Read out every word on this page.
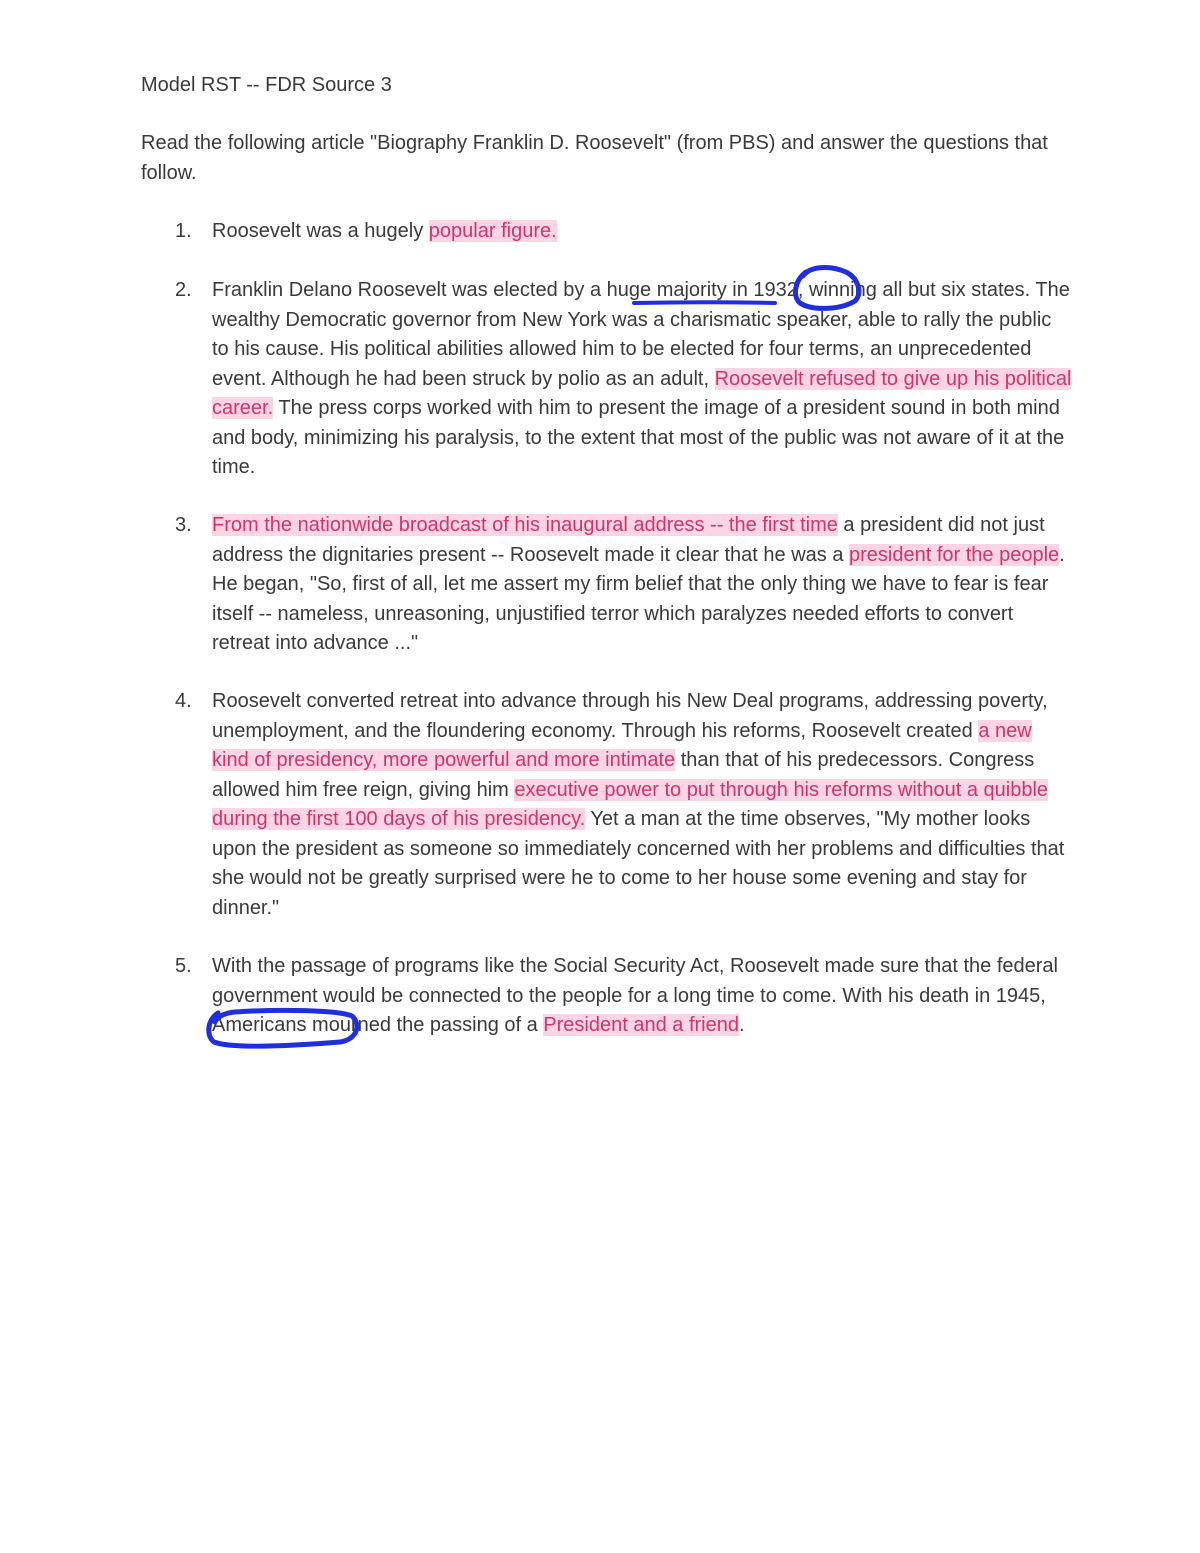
Model RST -- FDR Source 3
Read the following article "Biography Franklin D. Roosevelt" (from PBS) and answer the questions that follow.
1. Roosevelt was a hugely popular figure.
2. Franklin Delano Roosevelt was elected by a huge majority in 1932, winning all but six states. The wealthy Democratic governor from New York was a charismatic speaker, able to rally the public to his cause. His political abilities allowed him to be elected for four terms, an unprecedented event. Although he had been struck by polio as an adult, Roosevelt refused to give up his political career. The press corps worked with him to present the image of a president sound in both mind and body, minimizing his paralysis, to the extent that most of the public was not aware of it at the time.
3. From the nationwide broadcast of his inaugural address -- the first time a president did not just address the dignitaries present -- Roosevelt made it clear that he was a president for the people. He began, "So, first of all, let me assert my firm belief that the only thing we have to fear is fear itself -- nameless, unreasoning, unjustified terror which paralyzes needed efforts to convert retreat into advance ..."
4. Roosevelt converted retreat into advance through his New Deal programs, addressing poverty, unemployment, and the floundering economy. Through his reforms, Roosevelt created a new kind of presidency, more powerful and more intimate than that of his predecessors. Congress allowed him free reign, giving him executive power to put through his reforms without a quibble during the first 100 days of his presidency. Yet a man at the time observes, "My mother looks upon the president as someone so immediately concerned with her problems and difficulties that she would not be greatly surprised were he to come to her house some evening and stay for dinner."
5. With the passage of programs like the Social Security Act, Roosevelt made sure that the federal government would be connected to the people for a long time to come. With his death in 1945, Americans mourned the passing of a President and a friend.
